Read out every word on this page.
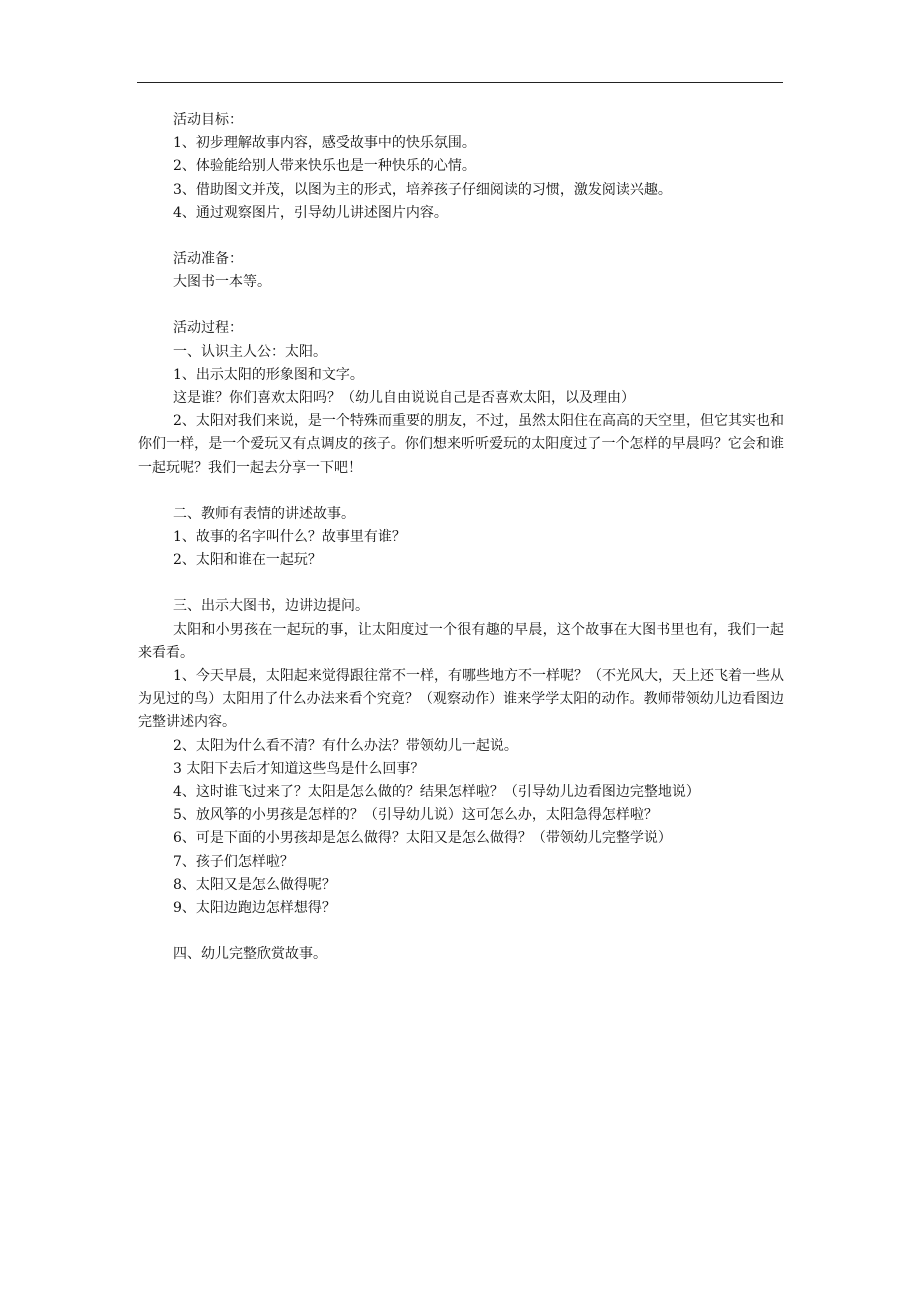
活动目标：
1、初步理解故事内容，感受故事中的快乐氛围。
2、体验能给别人带来快乐也是一种快乐的心情。
3、借助图文并茂，以图为主的形式，培养孩子仔细阅读的习惯，激发阅读兴趣。
4、通过观察图片，引导幼儿讲述图片内容。
活动准备：
大图书一本等。
活动过程：
一、认识主人公：太阳。
1、出示太阳的形象图和文字。
这是谁？你们喜欢太阳吗？（幼儿自由说说自己是否喜欢太阳，以及理由）

2、太阳对我们来说，是一个特殊而重要的朋友，不过，虽然太阳住在高高的天空里，但它其实也和你们一样，是一个爱玩又有点调皮的孩子。你们想来听听爱玩的太阳度过了一个怎样的早晨吗？它会和谁一起玩呢？我们一起去分享一下吧！

二、教师有表情的讲述故事。
1、故事的名字叫什么？故事里有谁？
2、太阳和谁在一起玩？
三、出示大图书，边讲边提问。

太阳和小男孩在一起玩的事，让太阳度过一个很有趣的早晨，这个故事在大图书里也有，我们一起来看看。

1、今天早晨，太阳起来觉得跟往常不一样，有哪些地方不一样呢？（不光风大，天上还飞着一些从为见过的鸟）太阳用了什么办法来看个究竟？（观察动作）谁来学学太阳的动作。教师带领幼儿边看图边完整讲述内容。

2、太阳为什么看不清？有什么办法？带领幼儿一起说。
3 太阳下去后才知道这些鸟是什么回事？
4、这时谁飞过来了？太阳是怎么做的？结果怎样啦？（引导幼儿边看图边完整地说）
5、放风筝的小男孩是怎样的？（引导幼儿说）这可怎么办，太阳急得怎样啦？
6、可是下面的小男孩却是怎么做得？太阳又是怎么做得？（带领幼儿完整学说）
7、孩子们怎样啦？
8、太阳又是怎么做得呢？
9、太阳边跑边怎样想得？
四、幼儿完整欣赏故事。
